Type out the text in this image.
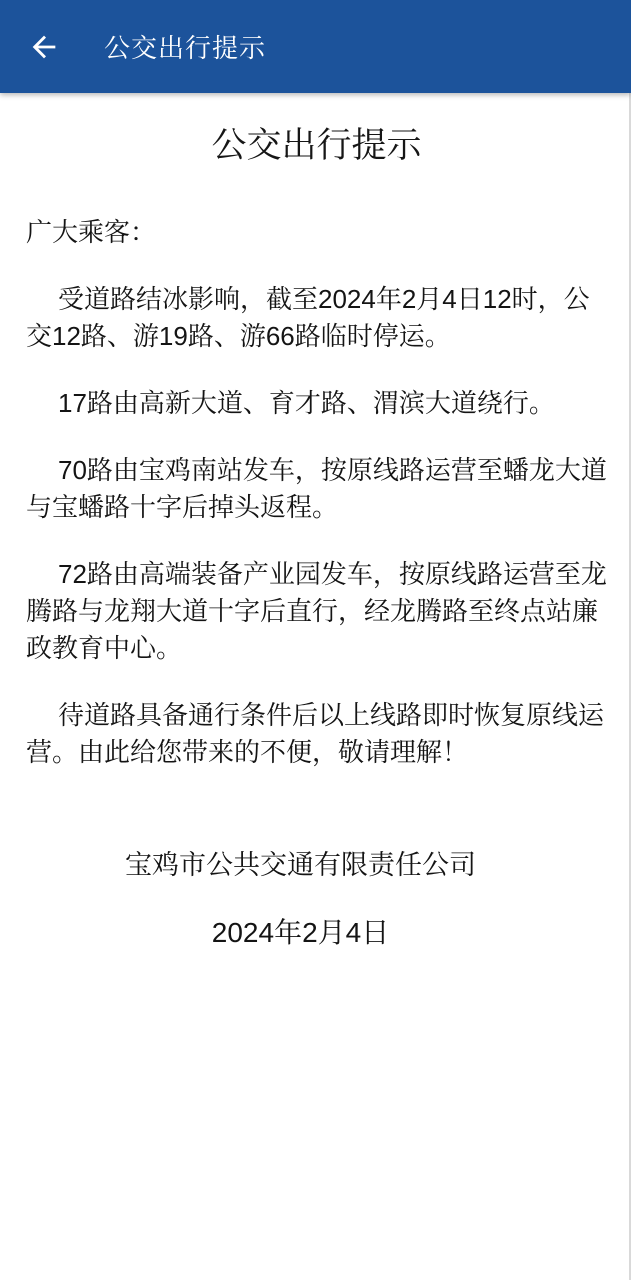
公交出行提示
公交出行提示

广大乘客：

受道路结冰影响，截至2024年2月4日12时，公交12路、游19路、游66路临时停运。

17路由高新大道、育才路、渭滨大道绕行。

70路由宝鸡南站发车，按原线路运营至蟠龙大道与宝蟠路十字后掉头返程。

72路由高端装备产业园发车，按原线路运营至龙腾路与龙翔大道十字后直行，经龙腾路至终点站廉政教育中心。

待道路具备通行条件后以上线路即时恢复原线运营。由此给您带来的不便，敬请理解！

宝鸡市公共交通有限责任公司

2024年2月4日
